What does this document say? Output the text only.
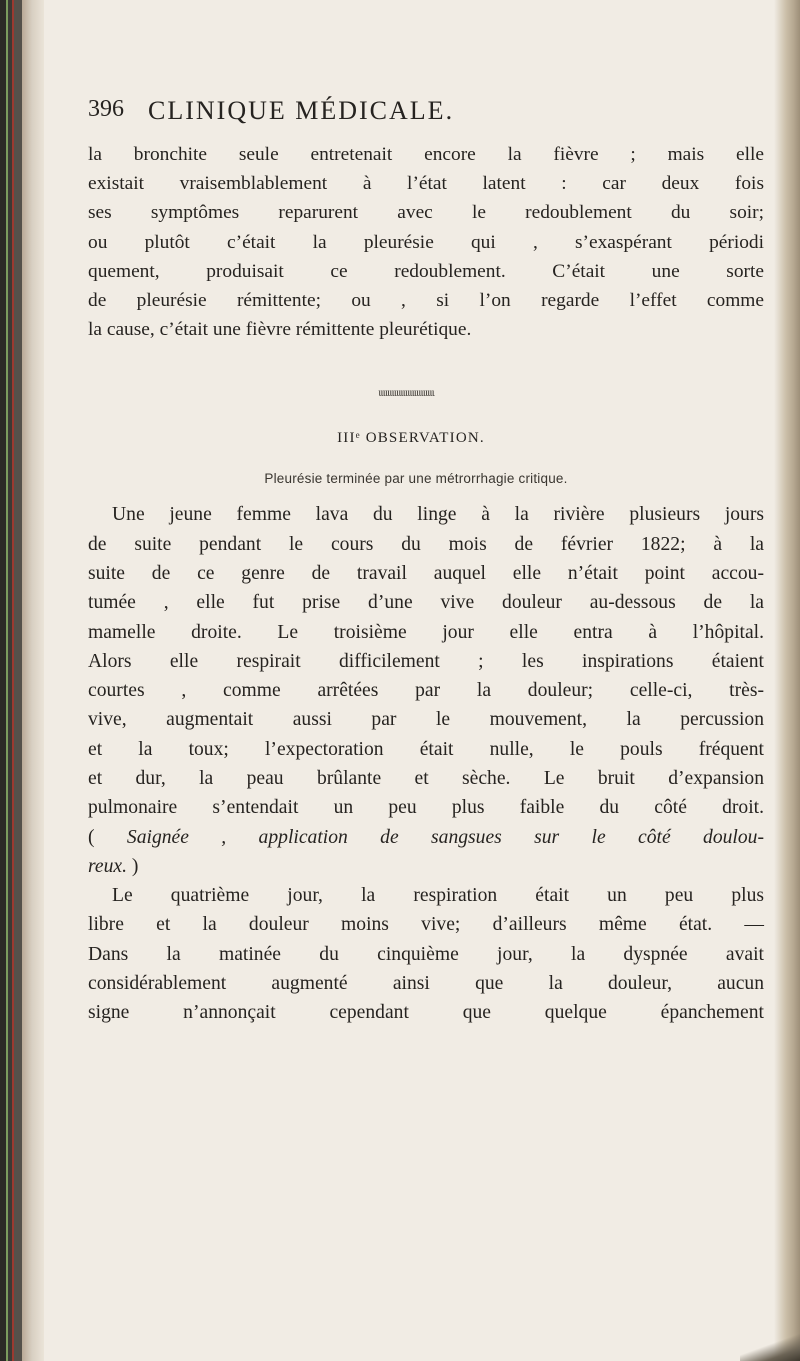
396 CLINIQUE MÉDICALE.
la bronchite seule entretenait encore la fièvre ; mais elle
existait vraisemblablement à l’état latent : car deux fois
ses symptômes reparurent avec le redoublement du soir;
ou plutôt c’était la pleurésie qui , s’exaspérant périodi
quement, produisait ce redoublement. C’était une sorte
de pleurésie rémittente; ou , si l’on regarde l’effet comme
la cause, c’était une fièvre rémittente pleurétique.
ɩɩɩɩɩɩɩɩɩɩɩɩɩɩɩɩɩɩɩɩɩɩɩɩɩ
IIIᵉ OBSERVATION.
Pleurésie terminée par une métrorrhagie critique.
Une jeune femme lava du linge à la rivière plusieurs jours
de suite pendant le cours du mois de février 1822; à la
suite de ce genre de travail auquel elle n’était point accou-
tumée , elle fut prise d’une vive douleur au-dessous de la
mamelle droite. Le troisième jour elle entra à l’hôpital.
Alors elle respirait difficilement ; les inspirations étaient
courtes , comme arrêtées par la douleur; celle-ci, très-
vive, augmentait aussi par le mouvement, la percussion
et la toux; l’expectoration était nulle, le pouls fréquent
et dur, la peau brûlante et sèche. Le bruit d’expansion
pulmonaire s’entendait un peu plus faible du côté droit.
( Saignée , application de sangsues sur le côté doulou-
reux. )
Le quatrième jour, la respiration était un peu plus
libre et la douleur moins vive; d’ailleurs même état. —
Dans la matinée du cinquième jour, la dyspnée avait
considérablement augmenté ainsi que la douleur, aucun
signe n’annonçait cependant que quelque épanchement
